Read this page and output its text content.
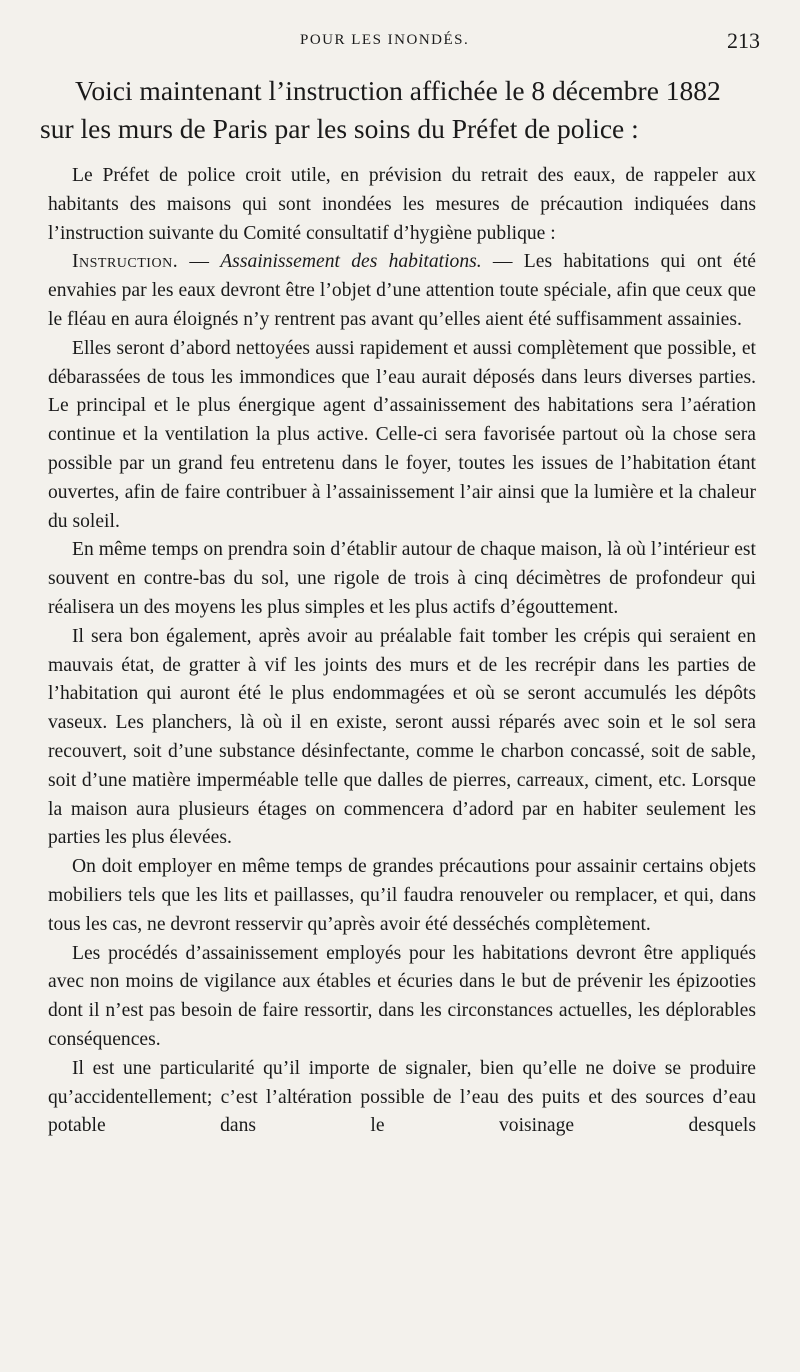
POUR LES INONDÉS.	213
Voici maintenant l’instruction affichée le 8 décembre 1882
sur les murs de Paris par les soins du Préfet de police :

Le Préfet de police croit utile, en prévision du retrait des eaux, de rappeler aux habitants des maisons qui sont inondées les mesures de précaution indiquées dans l’instruction suivante du Comité consultatif d’hygiène publique :

Instruction. — Assainissement des habitations. — Les habitations qui ont été envahies par les eaux devront être l’objet d’une attention toute spéciale, afin que ceux que le fléau en aura éloignés n’y rentrent pas avant qu’elles aient été suffisamment assainies.

Elles seront d’abord nettoyées aussi rapidement et aussi complètement que possible, et débarassées de tous les immondices que l’eau aurait déposés dans leurs diverses parties. Le principal et le plus énergique agent d’assainissement des habitations sera l’aération continue et la ventilation la plus active. Celle-ci sera favorisée partout où la chose sera possible par un grand feu entretenu dans le foyer, toutes les issues de l’habitation étant ouvertes, afin de faire contribuer à l’assainissement l’air ainsi que la lumière et la chaleur du soleil.

En même temps on prendra soin d’établir autour de chaque maison, là où l’intérieur est souvent en contre-bas du sol, une rigole de trois à cinq décimètres de profondeur qui réalisera un des moyens les plus simples et les plus actifs d’égouttement.

Il sera bon également, après avoir au préalable fait tomber les crépis qui seraient en mauvais état, de gratter à vif les joints des murs et de les recrépir dans les parties de l’habitation qui auront été le plus endommagées et où se seront accumulés les dépôts vaseux. Les planchers, là où il en existe, seront aussi réparés avec soin et le sol sera recouvert, soit d’une substance désinfectante, comme le charbon concassé, soit de sable, soit d’une matière imperméable telle que dalles de pierres, carreaux, ciment, etc. Lorsque la maison aura plusieurs étages on commencera d’adord par en habiter seulement les parties les plus élevées.

On doit employer en même temps de grandes précautions pour assainir certains objets mobiliers tels que les lits et paillasses, qu’il faudra renouveler ou remplacer, et qui, dans tous les cas, ne devront resservir qu’après avoir été desséchés complètement.

Les procédés d’assainissement employés pour les habitations devront être appliqués avec non moins de vigilance aux étables et écuries dans le but de prévenir les épizooties dont il n’est pas besoin de faire ressortir, dans les circonstances actuelles, les déplorables conséquences.

Il est une particularité qu’il importe de signaler, bien qu’elle ne doive se produire qu’accidentellement; c’est l’altération possible de l’eau des puits et des sources d’eau potable dans le voisinage desquels
